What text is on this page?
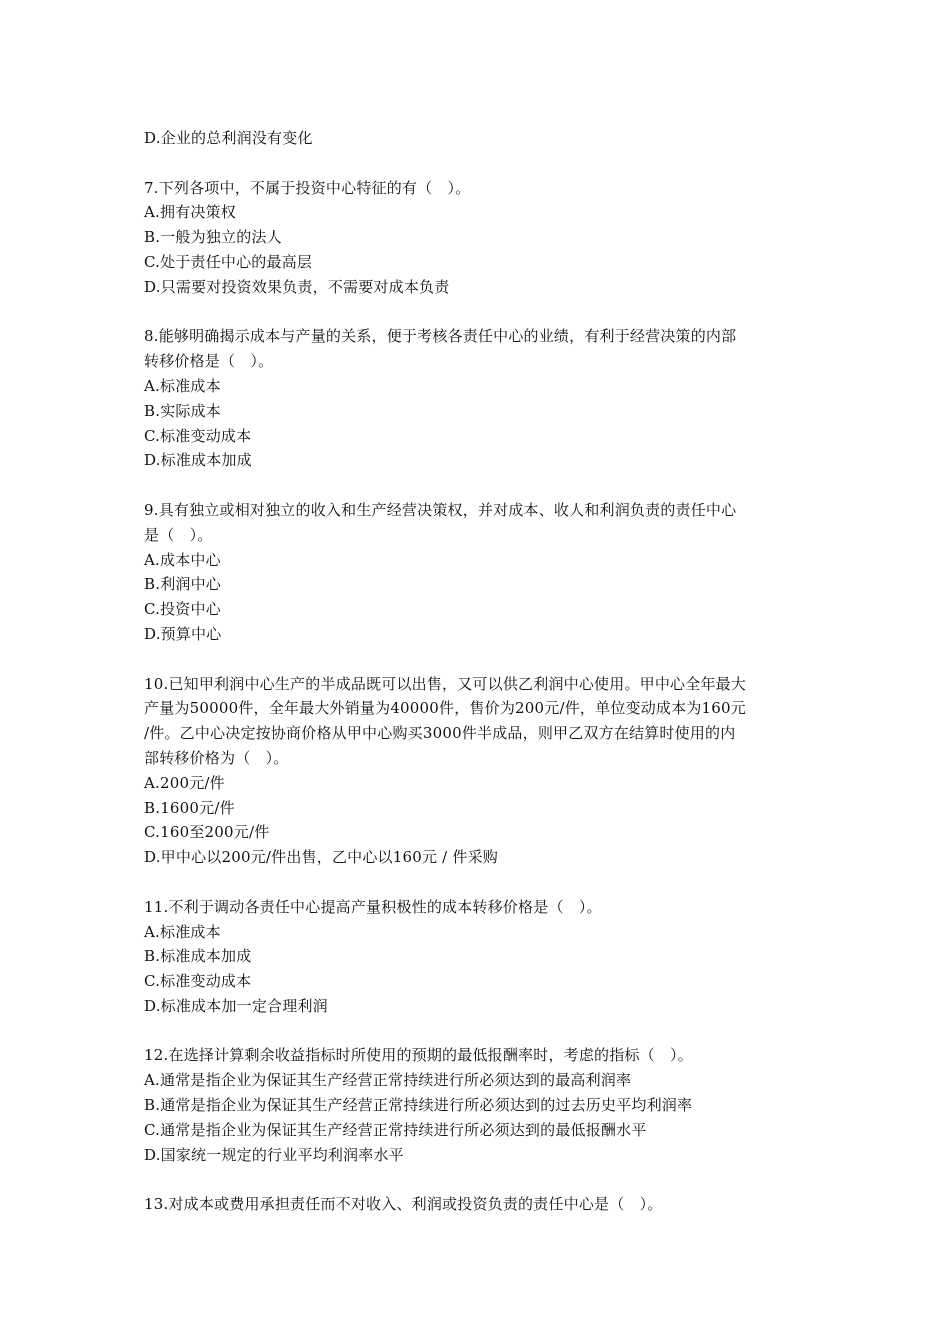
D.企业的总利润没有变化

7.下列各项中，不属于投资中心特征的有（　）。

A.拥有决策权

B.一般为独立的法人

C.处于责任中心的最高层

D.只需要对投资效果负责，不需要对成本负责

8.能够明确揭示成本与产量的关系，便于考核各责任中心的业绩，有利于经营决策的内部

转移价格是（　）。

A.标准成本

B.实际成本

C.标准变动成本

D.标准成本加成

9.具有独立或相对独立的收入和生产经营决策权，并对成本、收人和利润负责的责任中心

是（　）。

A.成本中心

B.利润中心

C.投资中心

D.预算中心

10.已知甲利润中心生产的半成品既可以出售，又可以供乙利润中心使用。甲中心全年最大

产量为50000件，全年最大外销量为40000件，售价为200元/件，单位变动成本为160元

/件。乙中心决定按协商价格从甲中心购买3000件半成品，则甲乙双方在结算时使用的内

部转移价格为（　）。

A.200元/件

B.1600元/件

C.160至200元/件

D.甲中心以200元/件出售，乙中心以160元 / 件采购

11.不利于调动各责任中心提高产量积极性的成本转移价格是（　）。

A.标准成本

B.标准成本加成

C.标准变动成本

D.标准成本加一定合理利润

12.在选择计算剩余收益指标时所使用的预期的最低报酬率时，考虑的指标（　）。

A.通常是指企业为保证其生产经营正常持续进行所必须达到的最高利润率

B.通常是指企业为保证其生产经营正常持续进行所必须达到的过去历史平均利润率

C.通常是指企业为保证其生产经营正常持续进行所必须达到的最低报酬水平

D.国家统一规定的行业平均利润率水平

13.对成本或费用承担责任而不对收入、利润或投资负责的责任中心是（　）。
